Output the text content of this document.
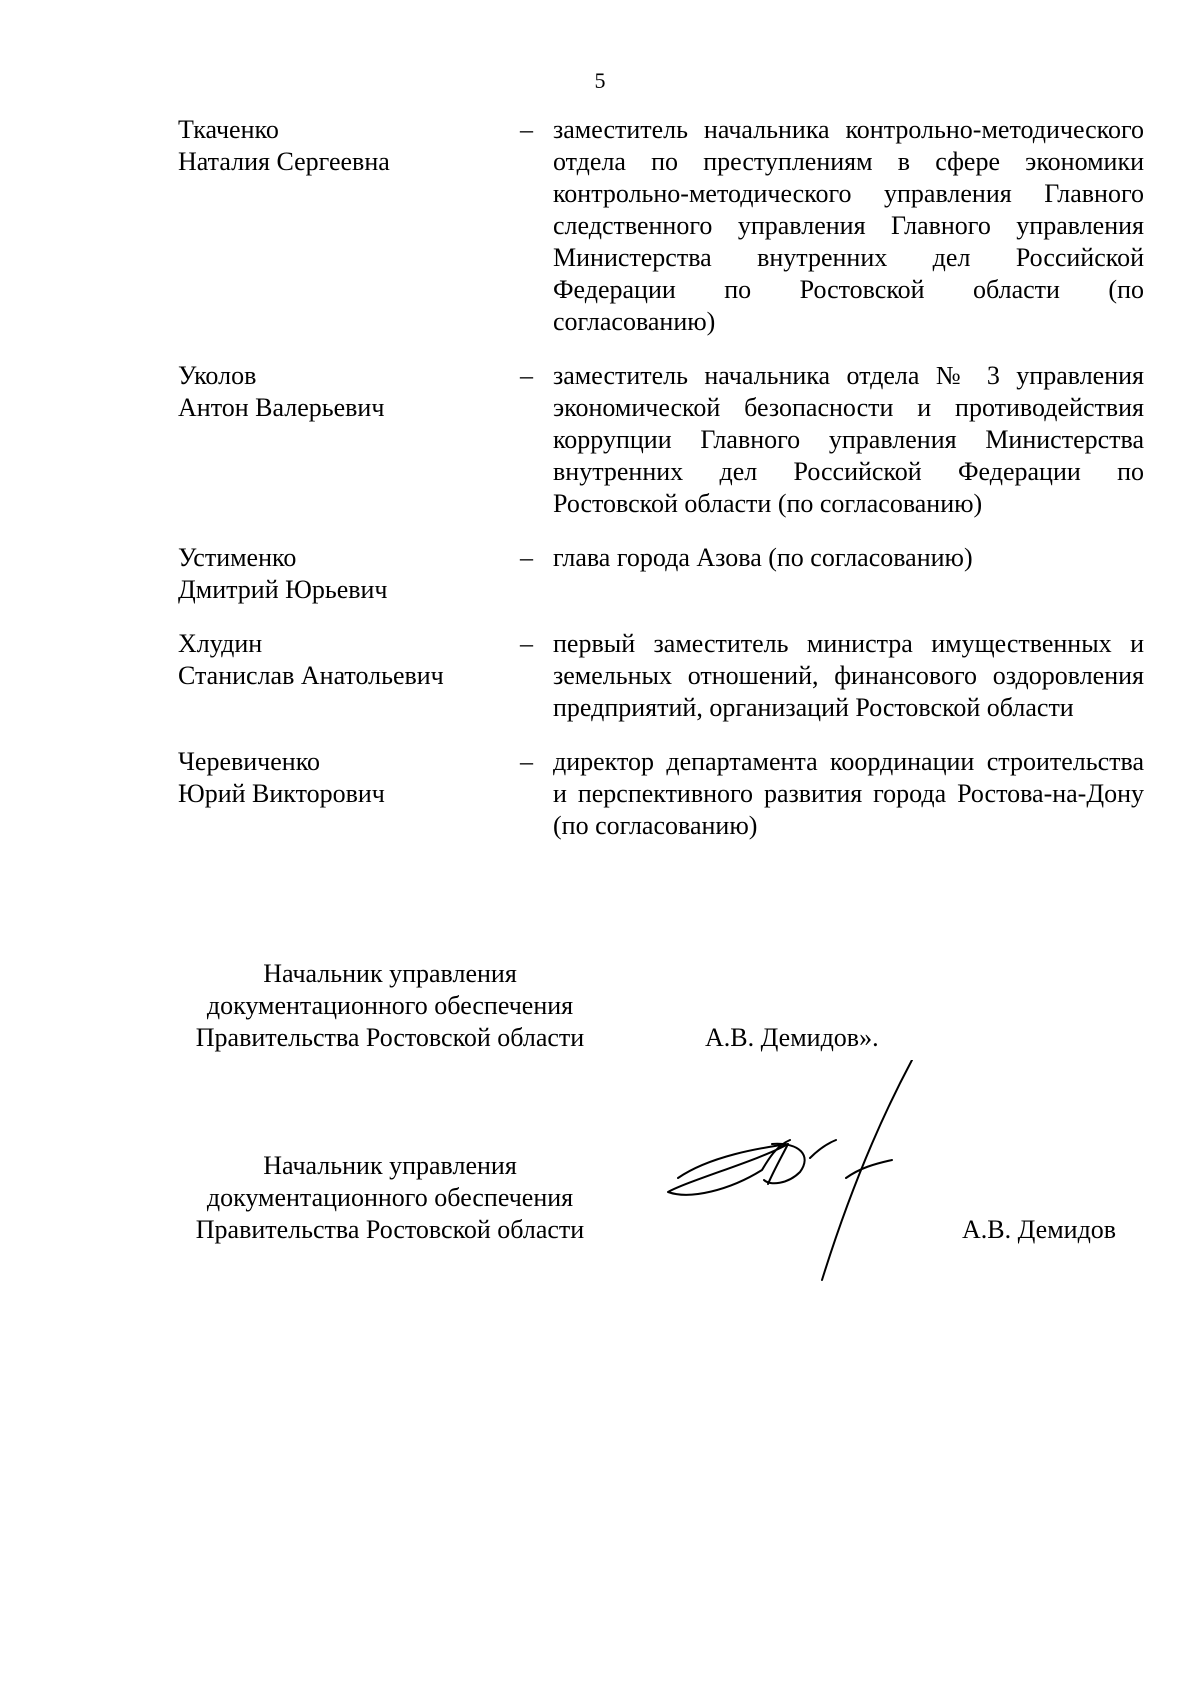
5
Ткаченко
Наталия Сергеевна
– заместитель начальника контрольно-методического отдела по преступлениям в сфере экономики контрольно-методического управления Главного следственного управления Главного управления Министерства внутренних дел Российской Федерации по Ростовской области (по согласованию)
Уколов
Антон Валерьевич
– заместитель начальника отдела № 3 управления экономической безопасности и противодействия коррупции Главного управления Министерства внутренних дел Российской Федерации по Ростовской области (по согласованию)
Устименко
Дмитрий Юрьевич
– глава города Азова (по согласованию)
Хлудин
Станислав Анатольевич
– первый заместитель министра имущественных и земельных отношений, финансового оздоровления предприятий, организаций Ростовской области
Черевиченко
Юрий Викторович
– директор департамента координации строительства и перспективного развития города Ростова-на-Дону (по согласованию)
Начальник управления
документационного обеспечения
Правительства Ростовской области	А.В. Демидов».
Начальник управления
документационного обеспечения
Правительства Ростовской области	А.В. Демидов
